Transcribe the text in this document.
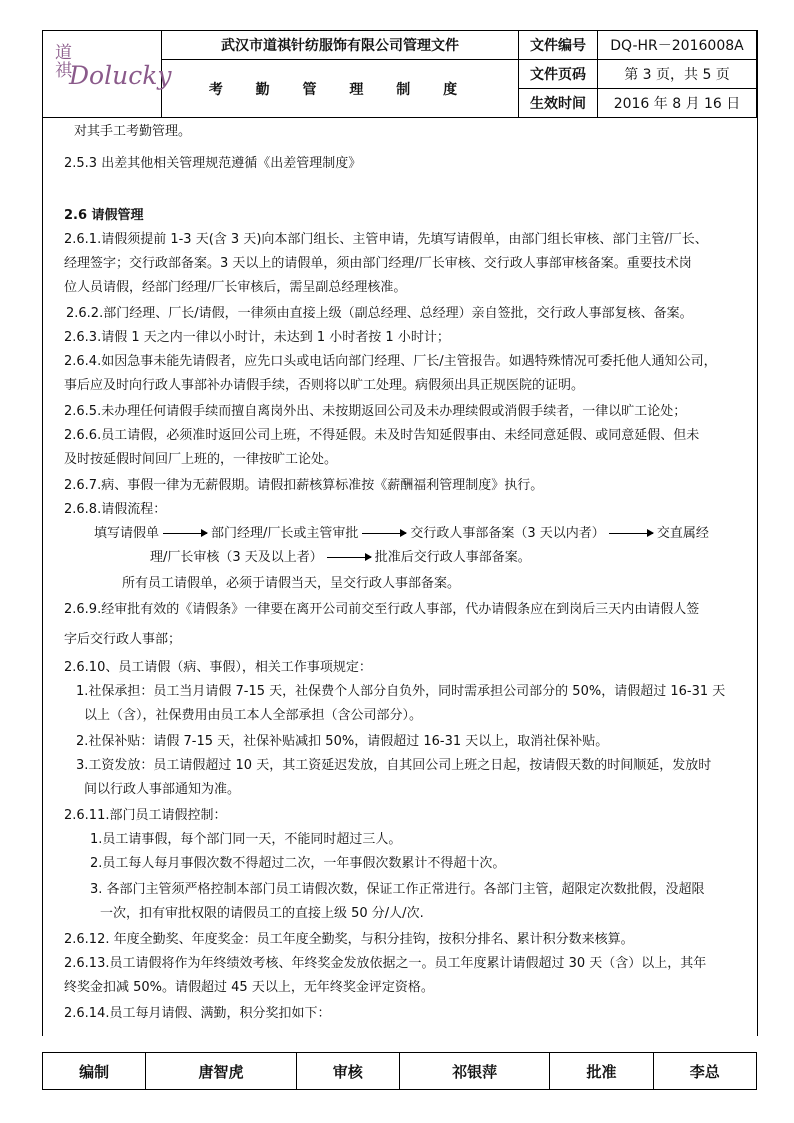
道祺
Dolucky	武汉市道祺针纺服饰有限公司管理文件	文件编号	DQ-HR－2016008A
	考 勤 管 理 制 度	文件页码	第 3 页，共 5 页
		生效时间	2016 年 8 月 16 日
对其手工考勤管理。
2.5.3 出差其他相关管理规范遵循《出差管理制度》
2.6 请假管理
2.6.1.请假须提前 1-3 天(含 3 天)向本部门组长、主管申请，先填写请假单，由部门组长审核、部门主管/厂长、
经理签字；交行政部备案。3 天以上的请假单，须由部门经理/厂长审核、交行政人事部审核备案。重要技术岗
位人员请假，经部门经理/厂长审核后，需呈副总经理核准。
2.6.2.部门经理、厂长/请假，一律须由直接上级（副总经理、总经理）亲自签批，交行政人事部复核、备案。
2.6.3.请假 1 天之内一律以小时计，未达到 1 小时者按 1 小时计；
2.6.4.如因急事未能先请假者，应先口头或电话向部门经理、厂长/主管报告。如遇特殊情况可委托他人通知公司，
事后应及时向行政人事部补办请假手续，否则将以旷工处理。病假须出具正规医院的证明。
2.6.5.未办理任何请假手续而擅自离岗外出、未按期返回公司及未办理续假或消假手续者，一律以旷工论处；
2.6.6.员工请假，必须准时返回公司上班，不得延假。未及时告知延假事由、未经同意延假、或同意延假、但未
及时按延假时间回厂上班的，一律按旷工论处。
2.6.7.病、事假一律为无薪假期。请假扣薪核算标准按《薪酬福利管理制度》执行。
2.6.8.请假流程：
填写请假单	部门经理/厂长或主管审批	交行政人事部备案（3 天以内者）	交直属经
理/厂长审核（3 天及以上者）	批准后交行政人事部备案。
所有员工请假单，必须于请假当天，呈交行政人事部备案。
2.6.9.经审批有效的《请假条》一律要在离开公司前交至行政人事部，代办请假条应在到岗后三天内由请假人签
字后交行政人事部；
2.6.10、员工请假（病、事假），相关工作事项规定：
1.社保承担：员工当月请假 7-15 天，社保费个人部分自负外，同时需承担公司部分的 50%，请假超过 16-31 天
以上（含），社保费用由员工本人全部承担（含公司部分）。
2.社保补贴：请假 7-15 天，社保补贴减扣 50%，请假超过 16-31 天以上，取消社保补贴。
3.工资发放：员工请假超过 10 天，其工资延迟发放，自其回公司上班之日起，按请假天数的时间顺延，发放时
间以行政人事部通知为准。
2.6.11.部门员工请假控制：
1.员工请事假，每个部门同一天，不能同时超过三人。
2.员工每人每月事假次数不得超过二次，一年事假次数累计不得超十次。
3. 各部门主管须严格控制本部门员工请假次数，保证工作正常进行。各部门主管，超限定次数批假，没超限
一次，扣有审批权限的请假员工的直接上级 50 分/人/次.
2.6.12. 年度全勤奖、年度奖金：员工年度全勤奖，与积分挂钩，按积分排名、累计积分数来核算。
2.6.13.员工请假将作为年终绩效考核、年终奖金发放依据之一。员工年度累计请假超过 30 天（含）以上，其年
终奖金扣减 50%。请假超过 45 天以上，无年终奖金评定资格。
2.6.14.员工每月请假、满勤，积分奖扣如下：
编制	唐智虎	审核	祁银萍	批准	李总
